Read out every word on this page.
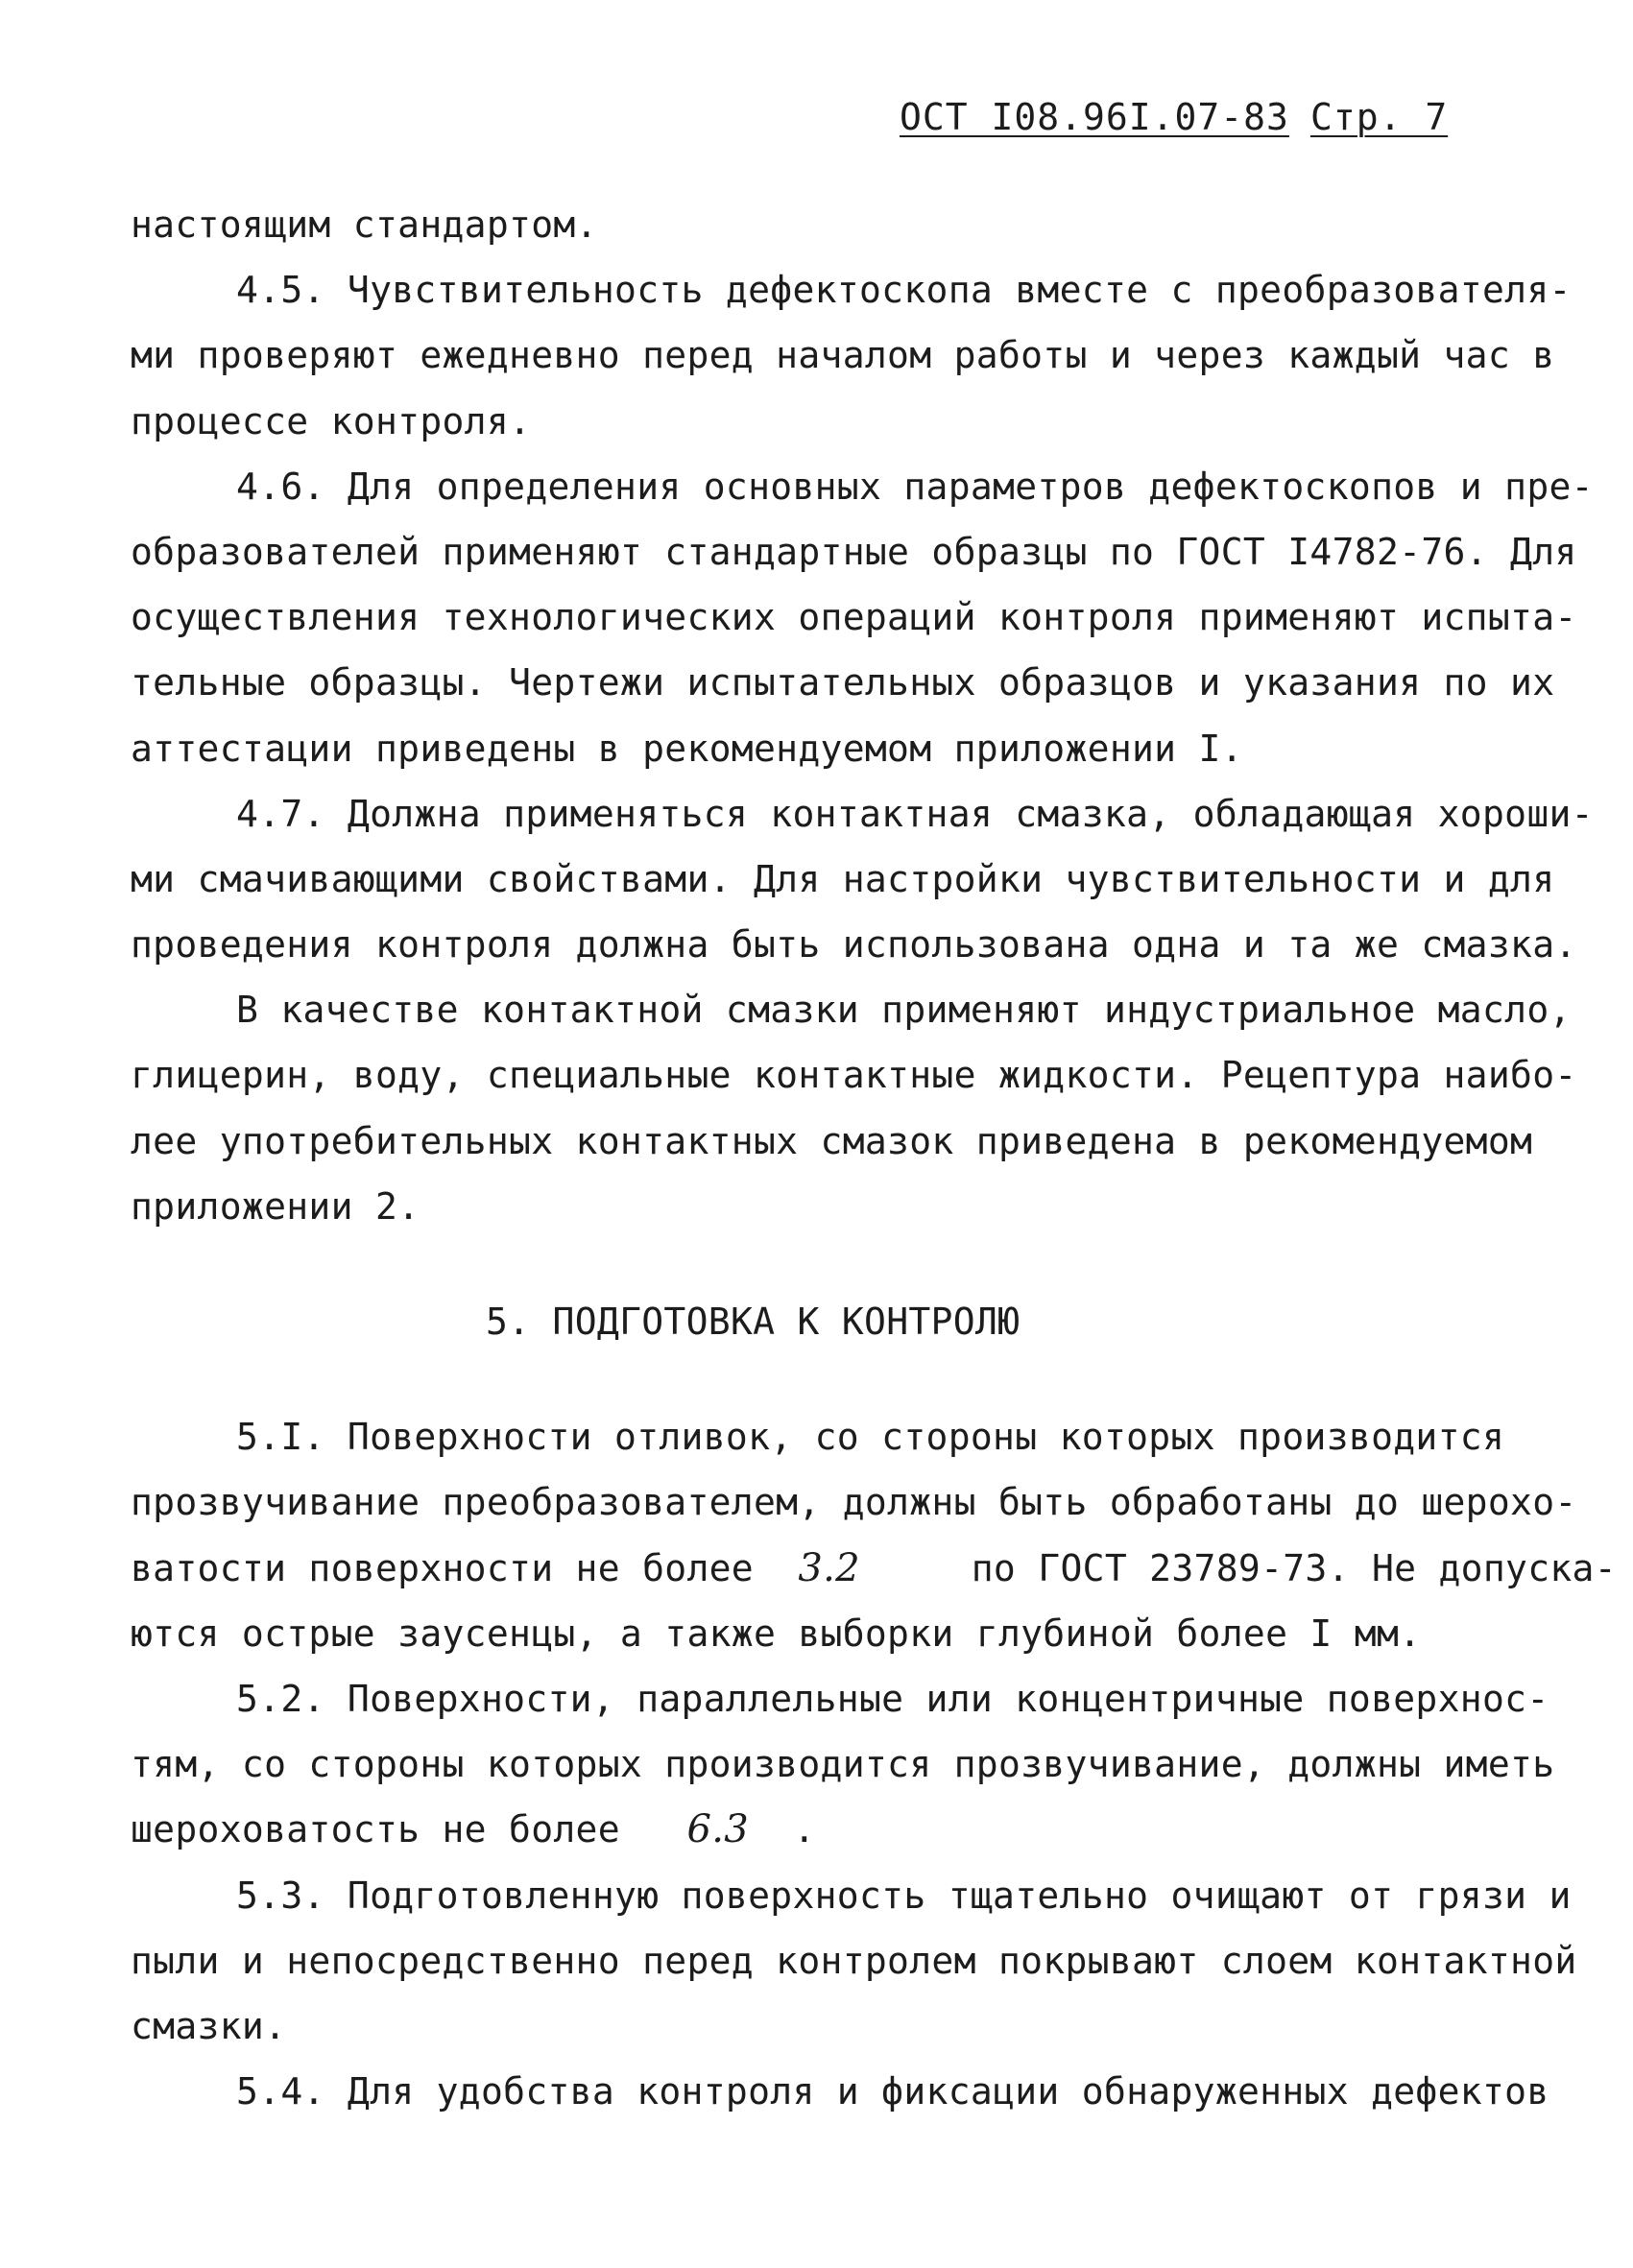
ОСТ I08.96I.07-83 Стр. 7
настоящим стандартом.
4.5. Чувствительность дефектоскопа вместе с преобразователя-
ми проверяют ежедневно перед началом работы и через каждый час в
процессе контроля.
4.6. Для определения основных параметров дефектоскопов и пре-
образователей применяют стандартные образцы по ГОСТ I4782-76. Для
осуществления технологических операций контроля применяют испыта-
тельные образцы. Чертежи испытательных образцов и указания по их
аттестации приведены в рекомендуемом приложении I.
4.7. Должна применяться контактная смазка, обладающая хороши-
ми смачивающими свойствами. Для настройки чувствительности и для
проведения контроля должна быть использована одна и та же смазка.
В качестве контактной смазки применяют индустриальное масло,
глицерин, воду, специальные контактные жидкости. Рецептура наибо-
лее употребительных контактных смазок приведена в рекомендуемом
приложении 2.
5. ПОДГОТОВКА К КОНТРОЛЮ
5.I. Поверхности отливок, со стороны которых производится
прозвучивание преобразователем, должны быть обработаны до шерохо-
ватости поверхности не более 3.2	по ГОСТ 23789-73. Не допуска-
ются острые заусенцы, а также выборки глубиной более I мм.
5.2. Поверхности, параллельные или концентричные поверхнос-
тям, со стороны которых производится прозвучивание, должны иметь
шероховатость не более 6.3 .
5.3. Подготовленную поверхность тщательно очищают от грязи и
пыли и непосредственно перед контролем покрывают слоем контактной
смазки.
5.4. Для удобства контроля и фиксации обнаруженных дефектов
